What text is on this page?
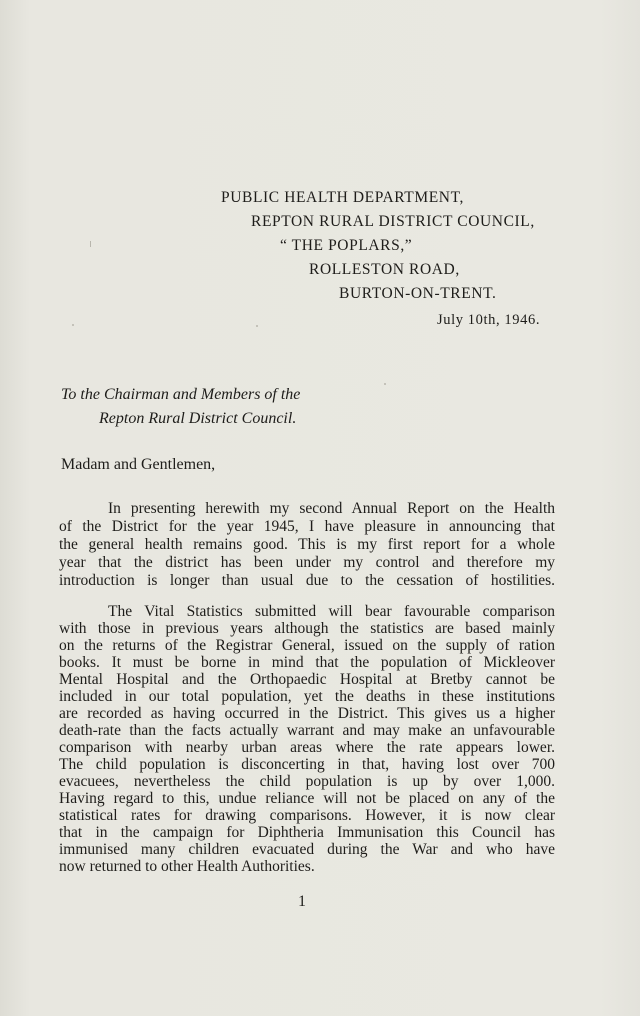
PUBLIC HEALTH DEPARTMENT,
REPTON RURAL DISTRICT COUNCIL,
“ THE POPLARS,”
ROLLESTON ROAD,
BURTON-ON-TRENT.
July 10th, 1946.
To the Chairman and Members of the
Repton Rural District Council.
Madam and Gentlemen,
In presenting herewith my second Annual Report on the Health
of the District for the year 1945, I have pleasure in announcing that
the general health remains good. This is my first report for a whole
year that the district has been under my control and therefore my
introduction is longer than usual due to the cessation of hostilities.
The Vital Statistics submitted will bear favourable comparison
with those in previous years although the statistics are based mainly
on the returns of the Registrar General, issued on the supply of ration
books. It must be borne in mind that the population of Mickleover
Mental Hospital and the Orthopaedic Hospital at Bretby cannot be
included in our total population, yet the deaths in these institutions
are recorded as having occurred in the District. This gives us a higher
death-rate than the facts actually warrant and may make an unfavourable
comparison with nearby urban areas where the rate appears lower.
The child population is disconcerting in that, having lost over 700
evacuees, nevertheless the child population is up by over 1,000.
Having regard to this, undue reliance will not be placed on any of the
statistical rates for drawing comparisons. However, it is now clear
that in the campaign for Diphtheria Immunisation this Council has
immunised many children evacuated during the War and who have
now returned to other Health Authorities.
1
